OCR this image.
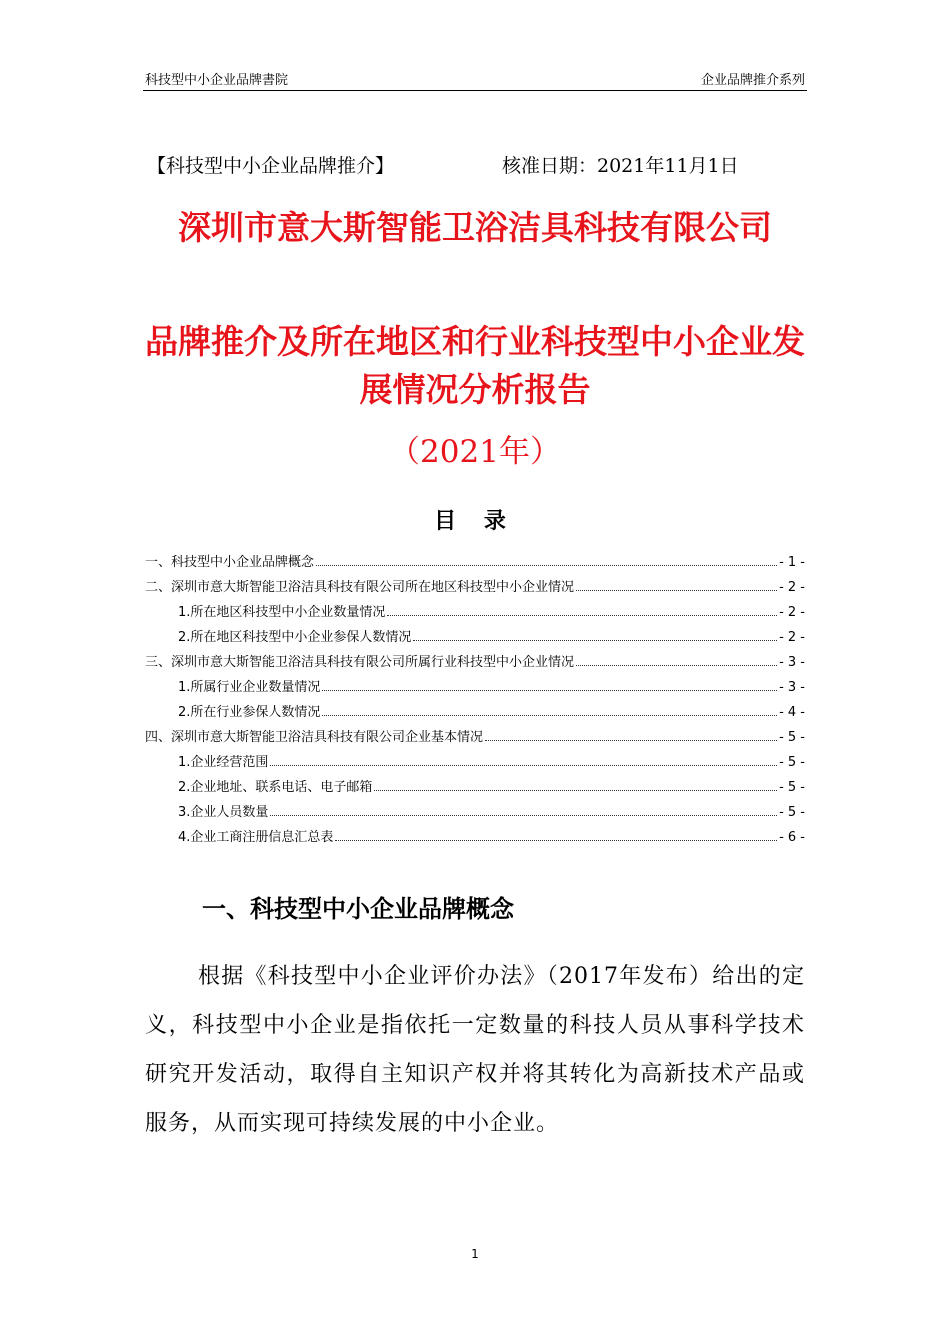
科技型中小企业品牌書院	企业品牌推介系列
【科技型中小企业品牌推介】	核准日期：2021年11月1日
深圳市意大斯智能卫浴洁具科技有限公司
品牌推介及所在地区和行业科技型中小企业发展情况分析报告
（2021年）
目 录
一、科技型中小企业品牌概念	- 1 -
二、深圳市意大斯智能卫浴洁具科技有限公司所在地区科技型中小企业情况	- 2 -
1.所在地区科技型中小企业数量情况	- 2 -
2.所在地区科技型中小企业参保人数情况	- 2 -
三、深圳市意大斯智能卫浴洁具科技有限公司所属行业科技型中小企业情况	- 3 -
1.所属行业企业数量情况	- 3 -
2.所在行业参保人数情况	- 4 -
四、深圳市意大斯智能卫浴洁具科技有限公司企业基本情况	- 5 -
1.企业经营范围	- 5 -
2.企业地址、联系电话、电子邮箱	- 5 -
3.企业人员数量	- 5 -
4.企业工商注册信息汇总表	- 6 -
一、科技型中小企业品牌概念
根据《科技型中小企业评价办法》（2017年发布）给出的定义，科技型中小企业是指依托一定数量的科技人员从事科学技术研究开发活动，取得自主知识产权并将其转化为高新技术产品或服务，从而实现可持续发展的中小企业。
1
